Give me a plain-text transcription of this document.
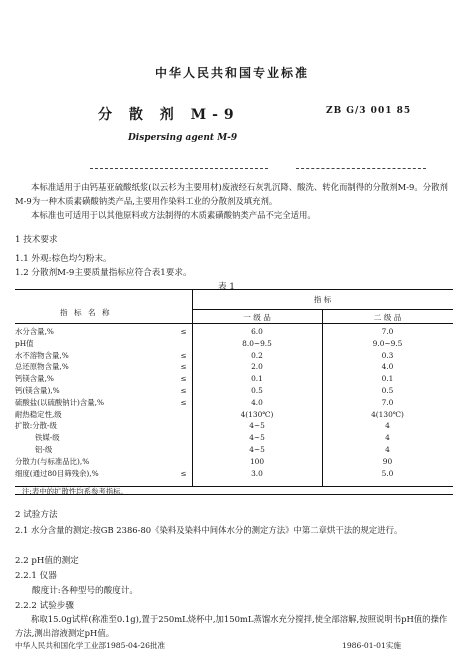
中华人民共和国专业标准
分 散 剂 M-9	ZB G/3 001 85
Dispersing agent M-9
本标准适用于由钙基亚硫酸纸浆(以云杉为主要用材)废液经石灰乳沉降、酸洗、转化而制得的分散剂M-9。分散剂M-9为一种木质素磺酸钠类产品,主要用作染料工业的分散剂及填充剂。
本标准也可适用于以其他原料或方法制得的木质素磺酸钠类产品不完全适用。
1 技术要求
1.1 外观:棕色均匀粉末。
1.2 分散剂M-9主要质量指标应符合表1要求。
表 1
指 标 名 称
指 标
一 级 品	二 级 品
水分含量,%	≤	6.0	7.0
pH值		8.0~9.5	9.0~9.5
水不溶物含量,%	≤	0.2	0.3
总还原物含量,%	≤	2.0	4.0
钙镁含量,%	≤	0.1	0.1
钙(镁含量),%	≤	0.5	0.5
硫酸盐(以硫酸钠计)含量,%	≤	4.0	7.0
耐热稳定性,级		4(130℃)	4(130℃)
扩散:分散-级		4~5	4
铁媒-级		4~5	4
铝-级		4~5	4
分散力(与标准品比),%		100	90
细度(通过80目筛残余),%	≤	3.0	5.0
注:表中的扩散性均系参考指标。
2 试验方法
2.1 水分含量的测定:按GB 2386-80《染料及染料中间体水分的测定方法》中第二章烘干法的规定进行。
2.2 pH值的测定
2.2.1 仪器
酸度计:各种型号的酸度计。
2.2.2 试验步骤
称取15.0g试样(称准至0.1g),置于250mL烧杯中,加150mL蒸馏水充分搅拌,使全部溶解,按照说明书pH值的操作方法,测出溶液测定pH值。
中华人民共和国化学工业部1985-04-26批准	1986-01-01实施
